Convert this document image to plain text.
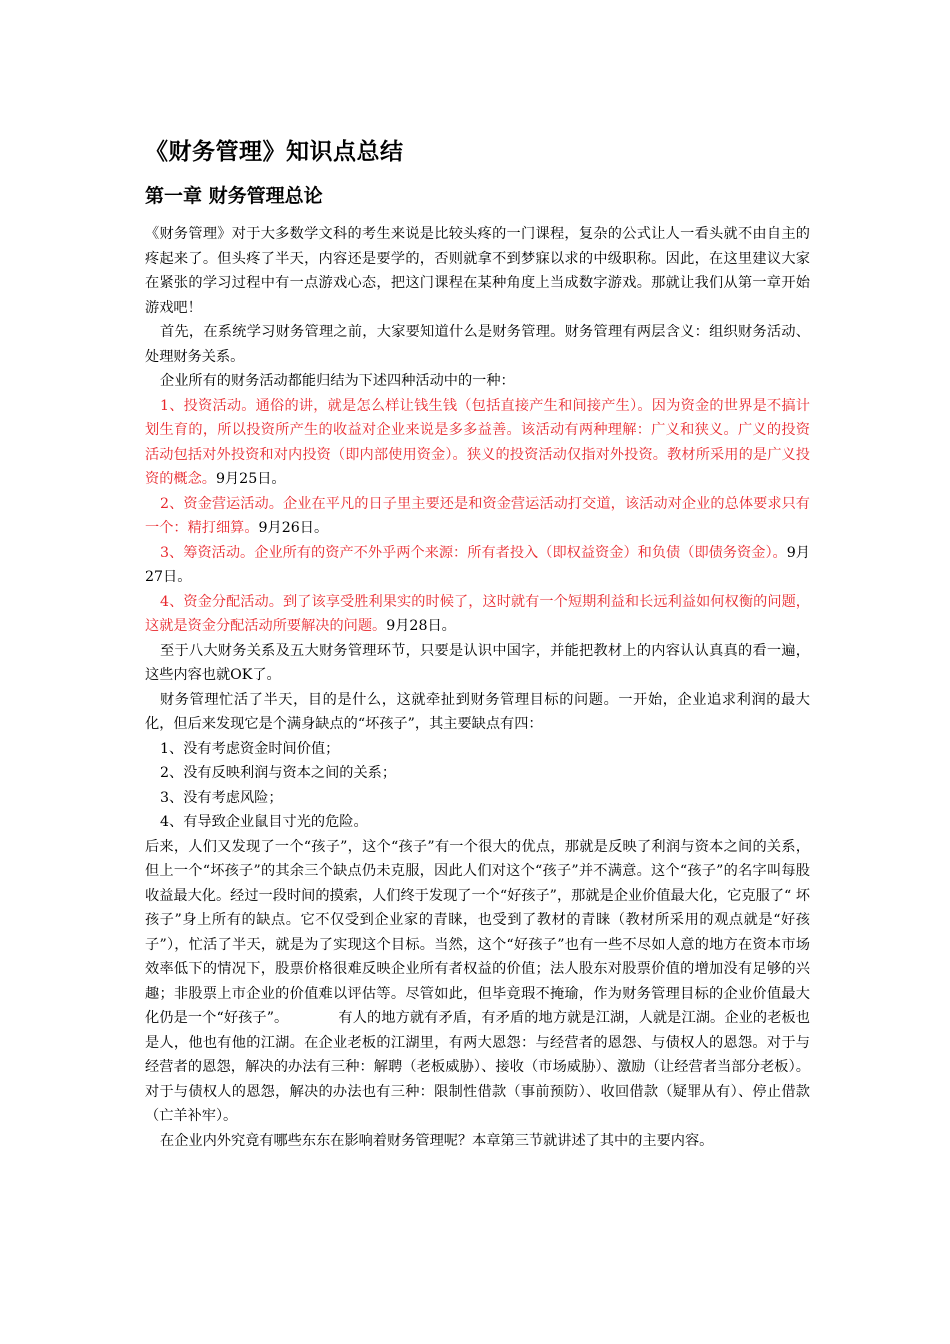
《财务管理》知识点总结
第一章 财务管理总论

《财务管理》对于大多数学文科的考生来说是比较头疼的一门课程，复杂的公式让人一看头就不由自主的疼起来了。但头疼了半天，内容还是要学的，否则就拿不到梦寐以求的中级职称。因此，在这里建议大家在紧张的学习过程中有一点游戏心态，把这门课程在某种角度上当成数字游戏。那就让我们从第一章开始游戏吧！

首先，在系统学习财务管理之前，大家要知道什么是财务管理。财务管理有两层含义：组织财务活动、处理财务关系。

企业所有的财务活动都能归结为下述四种活动中的一种：

1、投资活动。通俗的讲，就是怎么样让钱生钱（包括直接产生和间接产生）。因为资金的世界是不搞计划生育的，所以投资所产生的收益对企业来说是多多益善。该活动有两种理解：广义和狭义。广义的投资活动包括对外投资和对内投资（即内部使用资金）。狭义的投资活动仅指对外投资。教材所采用的是广义投资的概念。9月25日。

2、资金营运活动。企业在平凡的日子里主要还是和资金营运活动打交道，该活动对企业的总体要求只有一个：精打细算。9月26日。

3、筹资活动。企业所有的资产不外乎两个来源：所有者投入（即权益资金）和负债（即债务资金）。9月27日。

4、资金分配活动。到了该享受胜利果实的时候了，这时就有一个短期利益和长远利益如何权衡的问题，这就是资金分配活动所要解决的问题。9月28日。

至于八大财务关系及五大财务管理环节，只要是认识中国字，并能把教材上的内容认认真真的看一遍，这些内容也就OK了。

财务管理忙活了半天，目的是什么，这就牵扯到财务管理目标的问题。一开始，企业追求利润的最大化，但后来发现它是个满身缺点的“坏孩子”，其主要缺点有四：

1、没有考虑资金时间价值；

2、没有反映利润与资本之间的关系；

3、没有考虑风险；

4、有导致企业鼠目寸光的危险。

后来，人们又发现了一个“孩子”，这个“孩子”有一个很大的优点，那就是反映了利润与资本之间的关系，但上一个“坏孩子”的其余三个缺点仍未克服，因此人们对这个“孩子”并不满意。这个“孩子”的名字叫每股收益最大化。经过一段时间的摸索，人们终于发现了一个“好孩子”，那就是企业价值最大化，它克服了“ 坏孩子”身上所有的缺点。它不仅受到企业家的青睐，也受到了教材的青睐（教材所采用的观点就是“好孩子”），忙活了半天，就是为了实现这个目标。当然，这个“好孩子”也有一些不尽如人意的地方在资本市场效率低下的情况下，股票价格很难反映企业所有者权益的价值；法人股东对股票价值的增加没有足够的兴趣；非股票上市企业的价值难以评估等。尽管如此，但毕竟瑕不掩瑜，作为财务管理目标的企业价值最大化仍是一个“好孩子”。　　　　有人的地方就有矛盾，有矛盾的地方就是江湖，人就是江湖。企业的老板也是人，他也有他的江湖。在企业老板的江湖里，有两大恩怨：与经营者的恩怨、与债权人的恩怨。对于与经营者的恩怨，解决的办法有三种：解聘（老板威胁）、接收（市场威胁）、激励（让经营者当部分老板）。对于与债权人的恩怨，解决的办法也有三种：限制性借款（事前预防）、收回借款（疑罪从有）、停止借款（亡羊补牢）。

在企业内外究竟有哪些东东在影响着财务管理呢？本章第三节就讲述了其中的主要内容。
